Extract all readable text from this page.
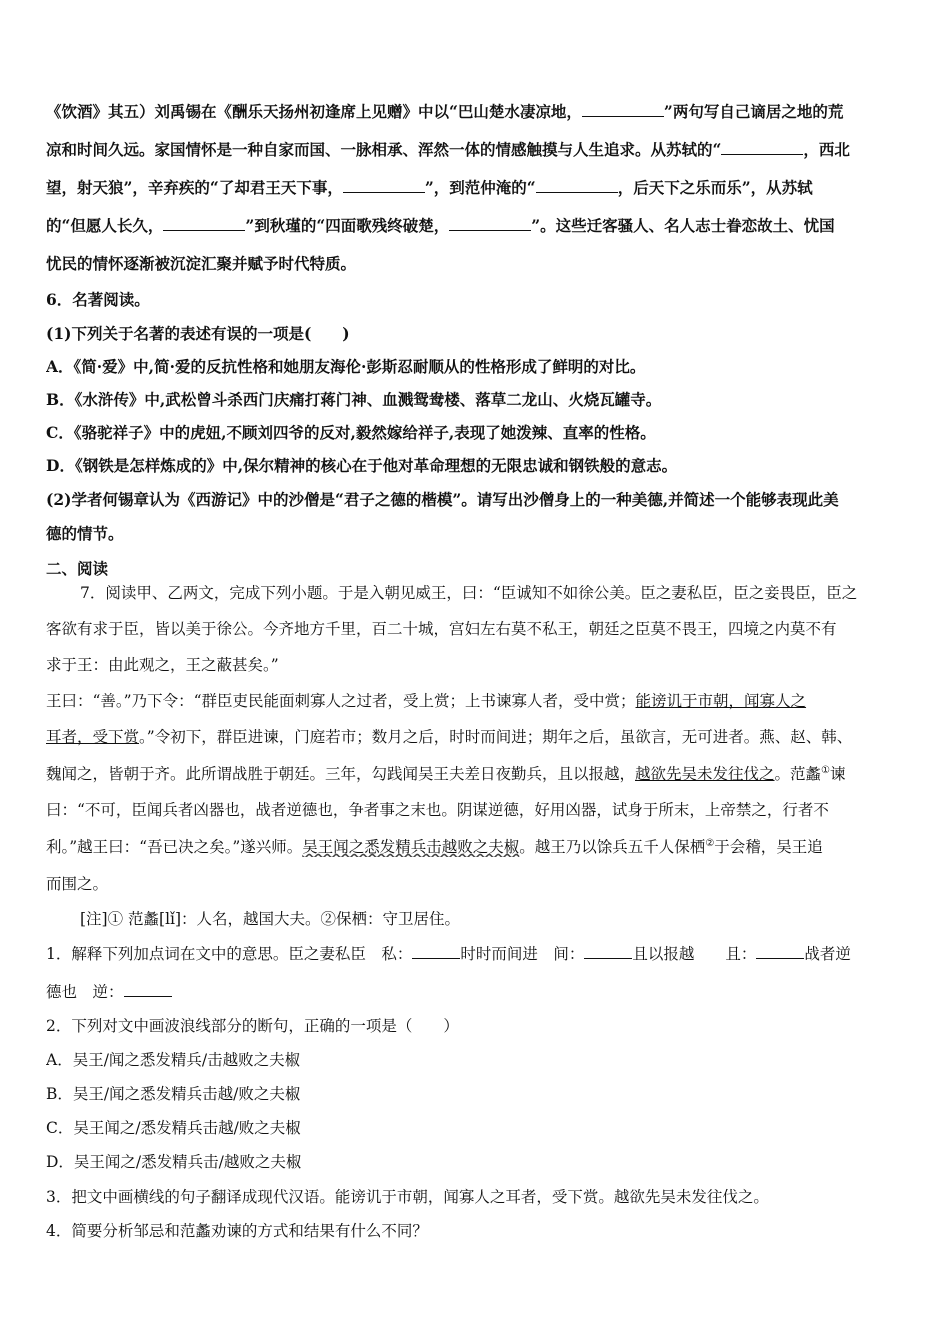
《饮酒》其五）刘禹锡在《酬乐天扬州初逢席上见赠》中以“巴山楚水凄凉地，	”两句写自己谪居之地的荒
凉和时间久远。家国情怀是一种自家而国、一脉相承、浑然一体的情感触摸与人生追求。从苏轼的“	，西北
望，射天狼”，辛弃疾的“了却君王天下事，	”，到范仲淹的“	，后天下之乐而乐”，从苏轼
的“但愿人长久，	”到秋瑾的“四面歌残终破楚，	”。这些迁客骚人、名人志士眷恋故土、忧国
忧民的情怀逐渐被沉淀汇聚并赋予时代特质。
6．名著阅读。
(1)下列关于名著的表述有误的一项是(　　)
A．《简·爱》中,简·爱的反抗性格和她朋友海伦·彭斯忍耐顺从的性格形成了鲜明的对比。
B．《水浒传》中,武松曾斗杀西门庆痛打蒋门神、血溅鸳鸯楼、落草二龙山、火烧瓦罐寺。
C．《骆驼祥子》中的虎妞,不顾刘四爷的反对,毅然嫁给祥子,表现了她泼辣、直率的性格。
D．《钢铁是怎样炼成的》中,保尔精神的核心在于他对革命理想的无限忠诚和钢铁般的意志。
(2)学者何锡章认为《西游记》中的沙僧是“君子之德的楷模”。请写出沙僧身上的一种美德,并简述一个能够表现此美
德的情节。
二、阅读
7．阅读甲、乙两文，完成下列小题。于是入朝见威王，曰：“臣诚知不如徐公美。臣之妻私臣，臣之妾畏臣，臣之
客欲有求于臣，皆以美于徐公。今齐地方千里，百二十城，宫妇左右莫不私王，朝廷之臣莫不畏王，四境之内莫不有
求于王：由此观之，王之蔽甚矣。”
王曰：“善。”乃下令：“群臣吏民能面刺寡人之过者，受上赏；上书谏寡人者，受中赏；能谤讥于市朝，闻寡人之
耳者，受下赏。”令初下，群臣进谏，门庭若市；数月之后，时时而间进；期年之后，虽欲言，无可进者。燕、赵、韩、
魏闻之，皆朝于齐。此所谓战胜于朝廷。三年，勾践闻吴王夫差日夜勤兵，且以报越，越欲先吴未发往伐之。范蠡①谏
曰：“不可，臣闻兵者凶器也，战者逆德也，争者事之末也。阴谋逆德，好用凶器，试身于所末，上帝禁之，行者不
利。”越王曰：“吾已决之矣。”遂兴师。吴王闻之悉发精兵击越败之夫椒。越王乃以馀兵五千人保栖②于会稽，吴王追
而围之。
[注]① 范蠡[lǐ]：人名，越国大夫。②保栖：守卫居住。
1．解释下列加点词在文中的意思。臣之妻私臣　私：	时时而间进　间：	且以报越　　且：	战者逆
德也　逆：
2．下列对文中画波浪线部分的断句，正确的一项是（　　）
A．吴王/闻之悉发精兵/击越败之夫椒
B．吴王/闻之悉发精兵击越/败之夫椒
C．吴王闻之/悉发精兵击越/败之夫椒
D．吴王闻之/悉发精兵击/越败之夫椒
3．把文中画横线的句子翻译成现代汉语。能谤讥于市朝，闻寡人之耳者，受下赏。越欲先吴未发往伐之。
4．简要分析邹忌和范蠡劝谏的方式和结果有什么不同？
